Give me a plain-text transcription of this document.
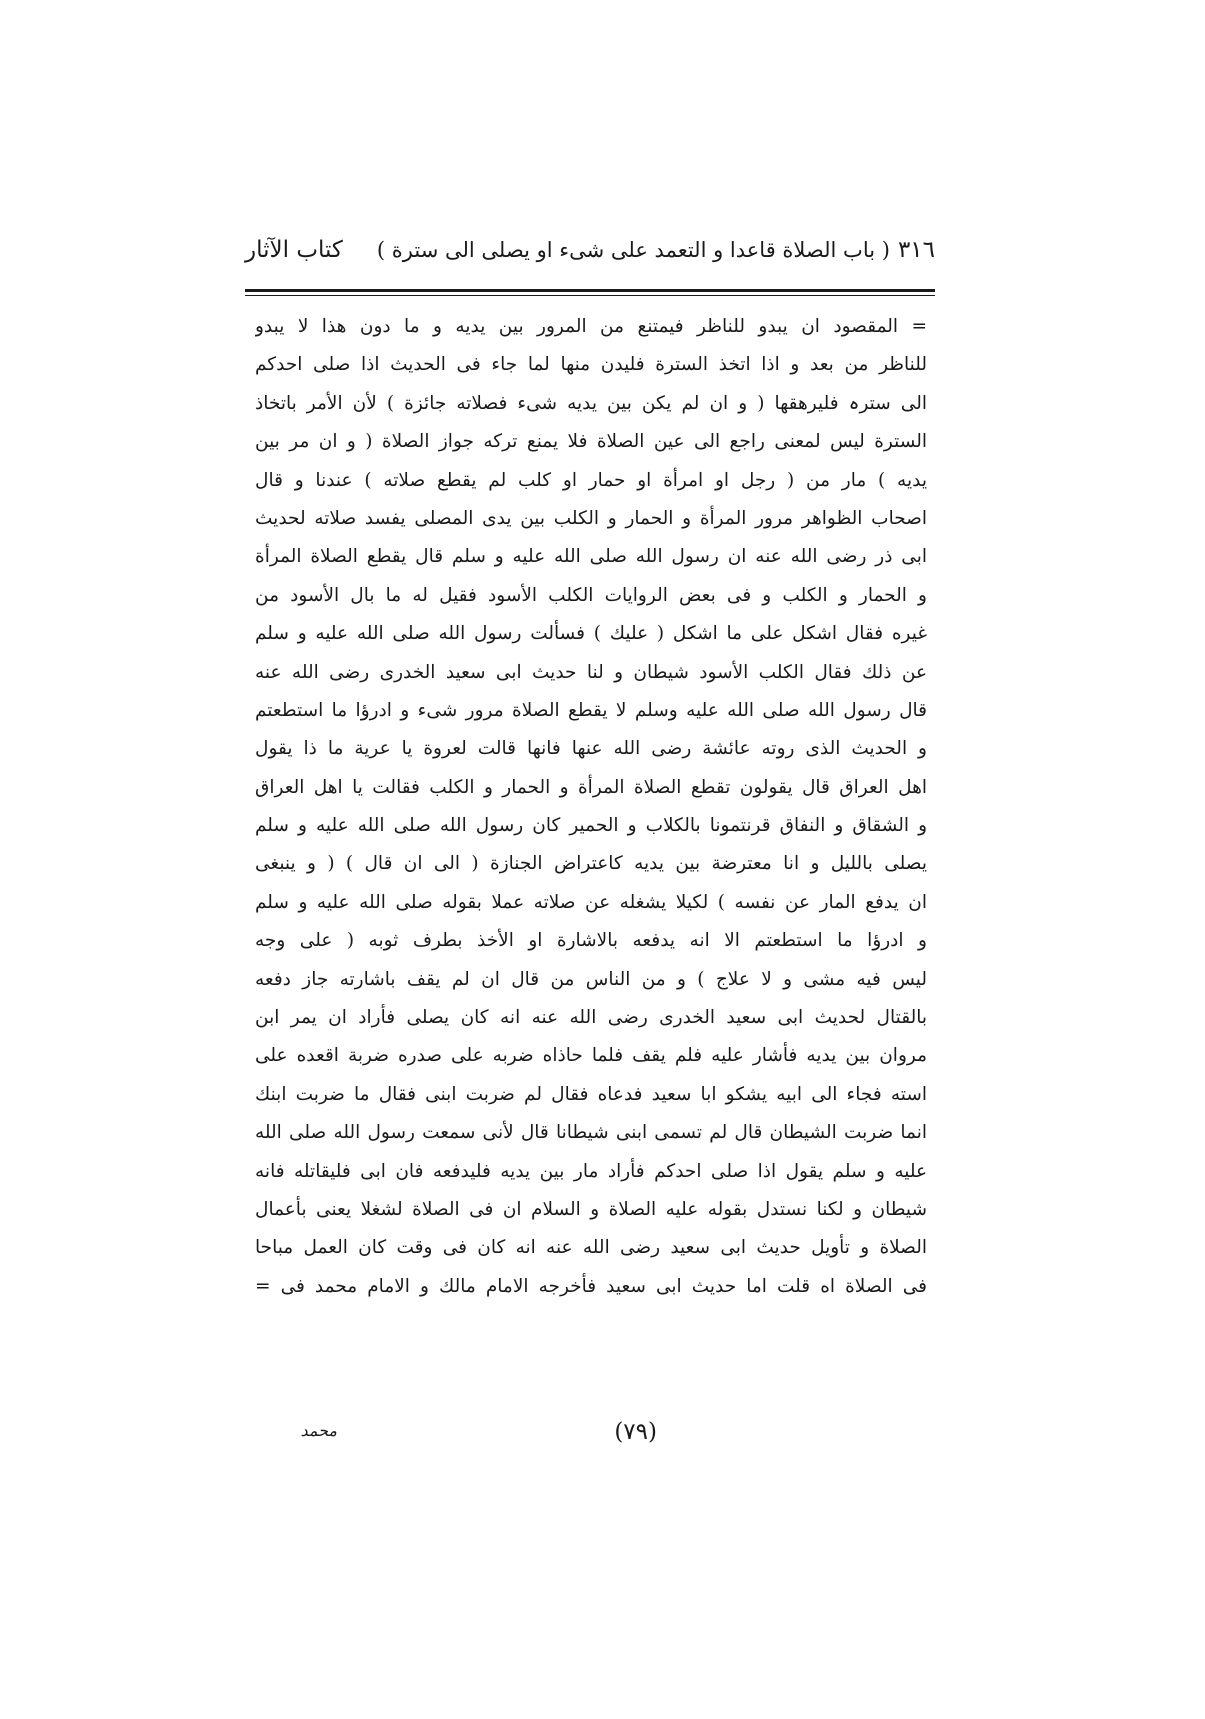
٣١٦
( باب الصلاة قاعدا و التعمد على شیء او یصلی الی سترة )
کتاب الآثار
= المقصود ان یبدو للناظر فیمتنع من المرور بین یدیه و ما دون هذا لا یبدو
للناظر من بعد و اذا اتخذ السترة فلیدن منها لما جاء فی الحدیث اذا صلی احدکم
الی سترہ فلیرهقها ( و ان لم یکن بین یدیه شیء فصلاته جائزة ) لأن الأمر باتخاذ
السترة لیس لمعنی راجع الی عین الصلاة فلا یمنع ترکه جواز الصلاة ( و ان مر بین
یدیه ) مار من ( رجل او امرأة او حمار او کلب لم یقطع صلاته ) عندنا و قال
اصحاب الظواهر مرور المرأة و الحمار و الکلب بین یدی المصلی یفسد صلاته لحدیث
ابی ذر رضی الله عنه ان رسول الله صلی الله علیه و سلم قال یقطع الصلاة المرأة
و الحمار و الکلب و فی بعض الروایات الکلب الأسود فقیل له ما بال الأسود من
غیره فقال اشکل علی ما اشکل ( علیك ) فسألت رسول الله صلی الله علیه و سلم
عن ذلك فقال الکلب الأسود شیطان و لنا حدیث ابی سعید الخدری رضی الله عنه
قال رسول الله صلی الله علیه وسلم لا یقطع الصلاة مرور شیء و ادرؤا ما استطعتم
و الحدیث الذی روته عائشة رضی الله عنها فانها قالت لعروة یا عریة ما ذا یقول
اهل العراق قال یقولون تقطع الصلاة المرأة و الحمار و الکلب فقالت یا اهل العراق
و الشقاق و النفاق قرنتمونا بالکلاب و الحمیر کان رسول الله صلی الله علیه و سلم
یصلی باللیل و انا معترضة بین یدیه کاعتراض الجنازة ( الی ان قال ) ( و ینبغی
ان یدفع المار عن نفسه ) لکیلا یشغله عن صلاته عملا بقوله صلی الله علیه و سلم
و ادرؤا ما استطعتم الا انه یدفعه بالاشارة او الأخذ بطرف ثوبه ( علی وجه
لیس فیه مشی و لا علاج ) و من الناس من قال ان لم یقف باشارته جاز دفعه
بالقتال لحدیث ابی سعید الخدری رضی الله عنه انه کان یصلی فأراد ان یمر ابن
مروان بین یدیه فأشار علیه فلم یقف فلما حاذاه ضربه علی صدره ضربة اقعده علی
استه فجاء الی ابیه یشکو ابا سعید فدعاه فقال لم ضربت ابنی فقال ما ضربت ابنك
انما ضربت الشیطان قال لم تسمی ابنی شیطانا قال لأنی سمعت رسول الله صلی الله
علیه و سلم یقول اذا صلی احدکم فأراد مار بین یدیه فلیدفعه فان ابی فلیقاتله فانه
شیطان و لکنا نستدل بقوله علیه الصلاة و السلام ان فی الصلاة لشغلا یعنی بأعمال
الصلاة و تأویل حدیث ابی سعید رضی الله عنه انه کان فی وقت کان العمل مباحا
فی الصلاة اه قلت اما حدیث ابی سعید فأخرجه الامام مالك و الامام محمد فی =
(٧٩)
محمد
